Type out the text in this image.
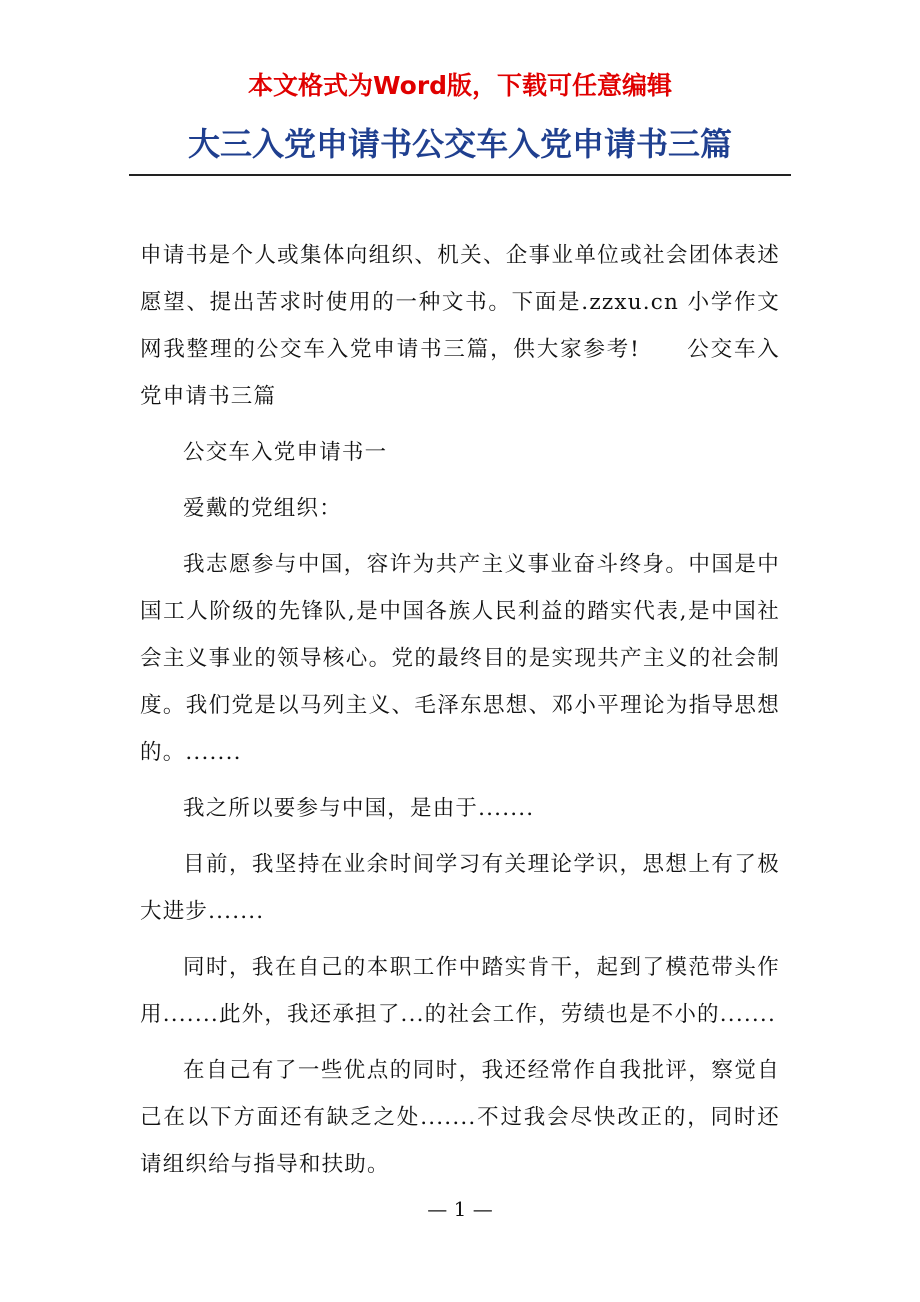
本文格式为Word版，下载可任意编辑
大三入党申请书公交车入党申请书三篇

申请书是个人或集体向组织、机关、企事业单位或社会团体表述愿望、提出苦求时使用的一种文书。下面是.zzxu.cn 小学作文网我整理的公交车入党申请书三篇，供大家参考!　　公交车入党申请书三篇

公交车入党申请书一

爱戴的党组织：

我志愿参与中国，容许为共产主义事业奋斗终身。中国是中国工人阶级的先锋队,是中国各族人民利益的踏实代表,是中国社会主义事业的领导核心。党的最终目的是实现共产主义的社会制度。我们党是以马列主义、毛泽东思想、邓小平理论为指导思想的。.......

我之所以要参与中国，是由于.......

目前，我坚持在业余时间学习有关理论学识，思想上有了极大进步.......

同时，我在自己的本职工作中踏实肯干，起到了模范带头作用.......此外，我还承担了...的社会工作，劳绩也是不小的.......

在自己有了一些优点的同时，我还经常作自我批评，察觉自己在以下方面还有缺乏之处.......不过我会尽快改正的，同时还请组织给与指导和扶助。

— 1 —
